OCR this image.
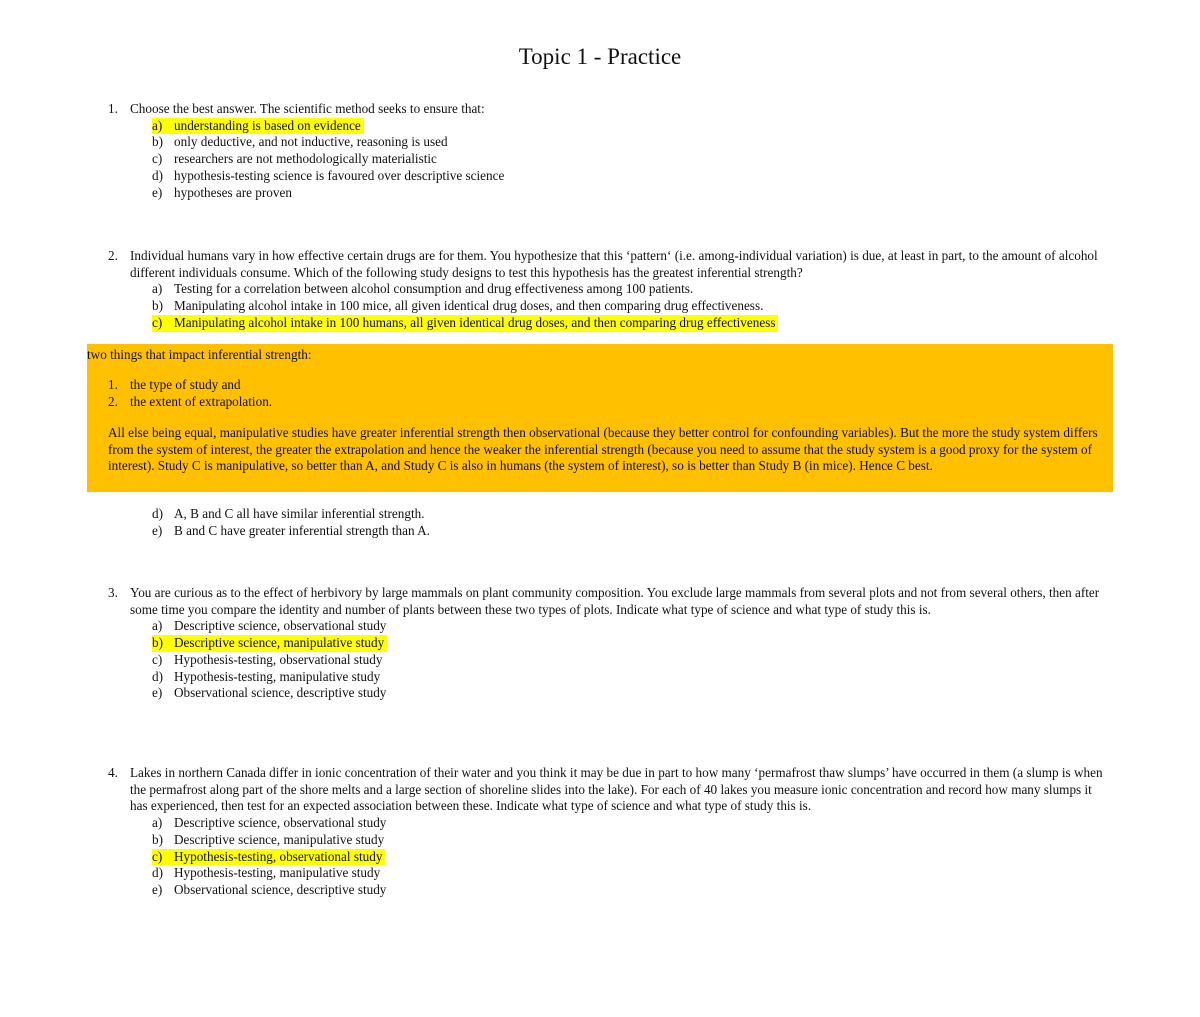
Topic 1 - Practice
1. Choose the best answer. The scientific method seeks to ensure that:
a) understanding is based on evidence
b) only deductive, and not inductive, reasoning is used
c) researchers are not methodologically materialistic
d) hypothesis-testing science is favoured over descriptive science
e) hypotheses are proven
2. Individual humans vary in how effective certain drugs are for them. You hypothesize that this ‘pattern‘ (i.e. among-individual variation) is due, at least in part, to the amount of alcohol different individuals consume. Which of the following study designs to test this hypothesis has the greatest inferential strength?
a) Testing for a correlation between alcohol consumption and drug effectiveness among 100 patients.
b) Manipulating alcohol intake in 100 mice, all given identical drug doses, and then comparing drug effectiveness.
c) Manipulating alcohol intake in 100 humans, all given identical drug doses, and then comparing drug effectiveness
two things that impact inferential strength:
1. the type of study and
2. the extent of extrapolation.
All else being equal, manipulative studies have greater inferential strength then observational (because they better control for confounding variables). But the more the study system differs from the system of interest, the greater the extrapolation and hence the weaker the inferential strength (because you need to assume that the study system is a good proxy for the system of interest). Study C is manipulative, so better than A, and Study C is also in humans (the system of interest), so is better than Study B (in mice). Hence C best.
d) A, B and C all have similar inferential strength.
e) B and C have greater inferential strength than A.
3. You are curious as to the effect of herbivory by large mammals on plant community composition. You exclude large mammals from several plots and not from several others, then after some time you compare the identity and number of plants between these two types of plots. Indicate what type of science and what type of study this is.
a) Descriptive science, observational study
b) Descriptive science, manipulative study
c) Hypothesis-testing, observational study
d) Hypothesis-testing, manipulative study
e) Observational science, descriptive study
4. Lakes in northern Canada differ in ionic concentration of their water and you think it may be due in part to how many ‘permafrost thaw slumps’ have occurred in them (a slump is when the permafrost along part of the shore melts and a large section of shoreline slides into the lake). For each of 40 lakes you measure ionic concentration and record how many slumps it has experienced, then test for an expected association between these. Indicate what type of science and what type of study this is.
a) Descriptive science, observational study
b) Descriptive science, manipulative study
c) Hypothesis-testing, observational study
d) Hypothesis-testing, manipulative study
e) Observational science, descriptive study
